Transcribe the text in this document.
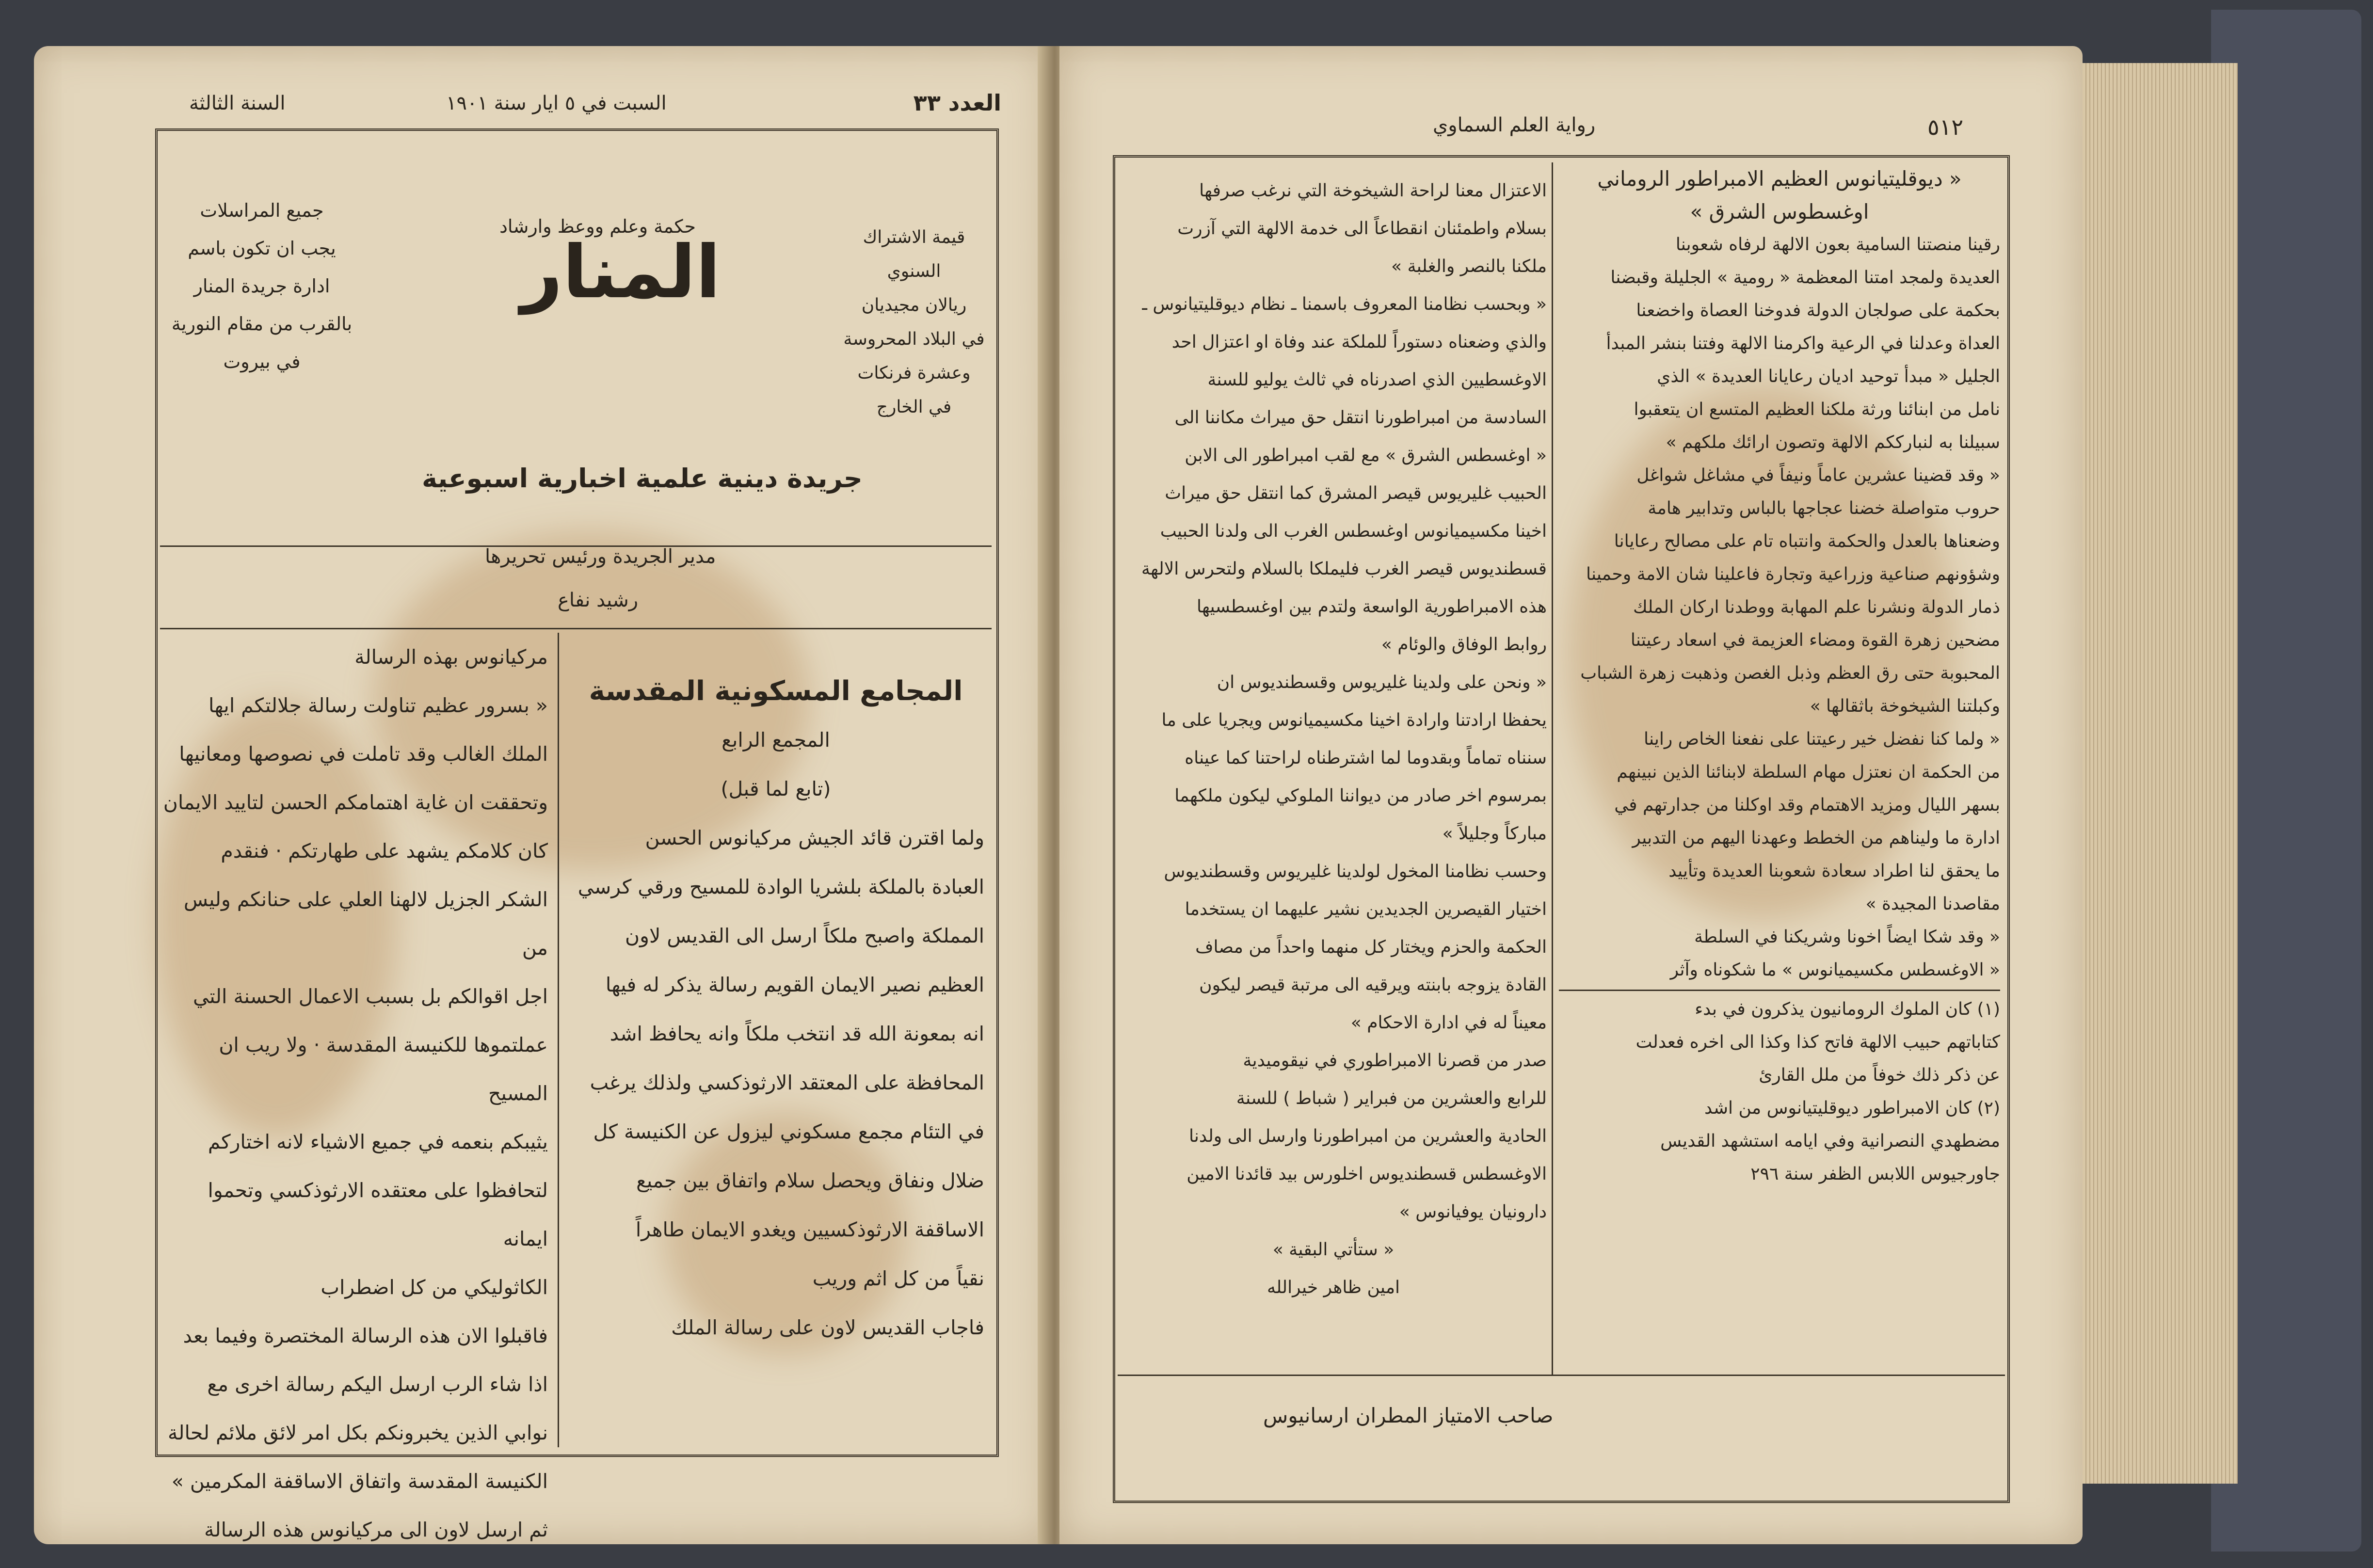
العدد ٣٣
السبت في ٥ ايار سنة ١٩٠١
السنة الثالثة
المنار
حكمة وعلم ووعظ وارشاد
جريدة دينية علمية اخبارية اسبوعية

قيمة الاشتراك السنوي

ريالان مجيديان

في البلاد المحروسة

وعشرة فرنكات

في الخارج

جميع المراسلات

يجب ان تكون باسم

ادارة جريدة المنار

بالقرب من مقام النورية

في بيروت

مدير الجريدة ورئيس تحريرها
رشيد نفاع

المجامع المسكونية المقدسة

المجمع الرابع

(تابع لما قبل)

ولما اقترن قائد الجيش مركيانوس الحسن

العبادة بالملكة بلشريا الوادة للمسيح ورقي كرسي

المملكة واصبح ملكاً ارسل الى القديس لاون

العظيم نصير الايمان القويم رسالة يذكر له فيها

انه بمعونة الله قد انتخب ملكاً وانه يحافظ اشد

المحافظة على المعتقد الارثوذكسي ولذلك يرغب

في التئام مجمع مسكوني ليزول عن الكنيسة كل

ضلال ونفاق ويحصل سلام واتفاق بين جميع

الاساقفة الارثوذكسيين ويغدو الايمان طاهراً

نقياً من كل اثم وريب

فاجاب القديس لاون على رسالة الملك

مركيانوس بهذه الرسالة

« بسرور عظيم تناولت رسالة جلالتكم ايها

الملك الغالب وقد تاملت في نصوصها ومعانيها

وتحققت ان غاية اهتمامكم الحسن لتاييد الايمان

كان كلامكم يشهد على طهارتكم · فنقدم

الشكر الجزيل لالهنا العلي على حنانكم وليس من

اجل اقوالكم بل بسبب الاعمال الحسنة التي

عملتموها للكنيسة المقدسة · ولا ريب ان المسيح

يثيبكم بنعمه في جميع الاشياء لانه اختاركم

لتحافظوا على معتقده الارثوذكسي وتحموا ايمانه

الكاثوليكي من كل اضطراب

فاقبلوا الان هذه الرسالة المختصرة وفيما بعد

اذا شاء الرب ارسل اليكم رسالة اخرى مع

نوابي الذين يخبرونكم بكل امر لائق ملائم لحالة

الكنيسة المقدسة واتفاق الاساقفة المكرمين »

ثم ارسل لاون الى مركيانوس هذه الرسالة

٥١٢
رواية العلم السماوي

« ديوقليتيانوس العظيم الامبراطور الروماني

اوغسطوس الشرق »

رقينا منصتنا السامية بعون الالهة لرفاه شعوبنا

العديدة ولمجد امتنا المعظمة « رومية » الجليلة وقبضنا

بحكمة على صولجان الدولة فدوخنا العصاة واخضعنا

العداة وعدلنا في الرعية واكرمنا الالهة وفتنا بنشر المبدأ

الجليل « مبدأ توحيد اديان رعايانا العديدة » الذي

نامل من ابنائنا ورثة ملكنا العظيم المتسع ان يتعقبوا

سبيلنا به لنبارككم الالهة وتصون ارائك ملكهم »

« وقد قضينا عشرين عاماً ونيفاً في مشاغل شواغل

حروب متواصلة خضنا عجاجها بالباس وتدابير هامة

وضعناها بالعدل والحكمة وانتباه تام على مصالح رعايانا

وشؤونهم صناعية وزراعية وتجارة فاعلينا شان الامة وحمينا

ذمار الدولة ونشرنا علم المهابة ووطدنا اركان الملك

مضحين زهرة القوة ومضاء العزيمة في اسعاد رعيتنا

المحبوبة حتى رق العظم وذبل الغصن وذهبت زهرة الشباب

وكبلتنا الشيخوخة باثقالها »

« ولما كنا نفضل خير رعيتنا على نفعنا الخاص راينا

من الحكمة ان نعتزل مهام السلطة لابنائنا الذين نبينهم

بسهر الليال ومزيد الاهتمام وقد اوكلنا من جدارتهم في

ادارة ما وليناهم من الخطط وعهدنا اليهم من التدبير

ما يحقق لنا اطراد سعادة شعوبنا العديدة وتأييد

مقاصدنا المجيدة »

« وقد شكا ايضاً اخونا وشريكنا في السلطة

« الاوغسطس مكسيميانوس » ما شكوناه وآثر

(١) كان الملوك الرومانيون يذكرون في بدء

كتاباتهم حبيب الالهة فاتح كذا وكذا الى اخره فعدلت

عن ذكر ذلك خوفاً من ملل القارئ

(٢) كان الامبراطور ديوقليتيانوس من اشد

مضطهدي النصرانية وفي ايامه استشهد القديس

جاورجيوس اللابس الظفر سنة ٢٩٦

الاعتزال معنا لراحة الشيخوخة التي نرغب صرفها

بسلام واطمئنان انقطاعاً الى خدمة الالهة التي آزرت

ملكنا بالنصر والغلبة »

« وبحسب نظامنا المعروف باسمنا ـ نظام ديوقليتيانوس ـ

والذي وضعناه دستوراً للملكة عند وفاة او اعتزال احد

الاوغسطيين الذي اصدرناه في ثالث يوليو للسنة

السادسة من امبراطورنا انتقل حق ميراث مكاننا الى

« اوغسطس الشرق » مع لقب امبراطور الى الابن

الحبيب غليريوس قيصر المشرق كما انتقل حق ميراث

اخينا مكسيميانوس اوغسطس الغرب الى ولدنا الحبيب

قسطنديوس قيصر الغرب فليملكا بالسلام ولتحرس الالهة

هذه الامبراطورية الواسعة ولتدم بين اوغسطسيها

روابط الوفاق والوئام »

« ونحن على ولدينا غليريوس وقسطنديوس ان

يحفظا ارادتنا وارادة اخينا مكسيميانوس ويجريا على ما

سنناه تماماً وبقدوما لما اشترطناه لراحتنا كما عيناه

بمرسوم اخر صادر من ديواننا الملوكي ليكون ملكهما

مباركاً وجليلاً »

وحسب نظامنا المخول لولدينا غليريوس وقسطنديوس

اختيار القيصرين الجديدين نشير عليهما ان يستخدما

الحكمة والحزم ويختار كل منهما واحداً من مصاف

القادة يزوجه بابنته ويرقيه الى مرتبة قيصر ليكون

معيناً له في ادارة الاحكام »

صدر من قصرنا الامبراطوري في نيقوميدية

للرابع والعشرين من فبراير ( شباط ) للسنة

الحادية والعشرين من امبراطورنا وارسل الى ولدنا

الاوغسطس قسطنديوس اخلورس بيد قائدنا الامين

دارونيان يوفيانوس »

« ستأتي البقية »

امين ظاهر خيرالله

صاحب الامتياز المطران ارسانيوس
